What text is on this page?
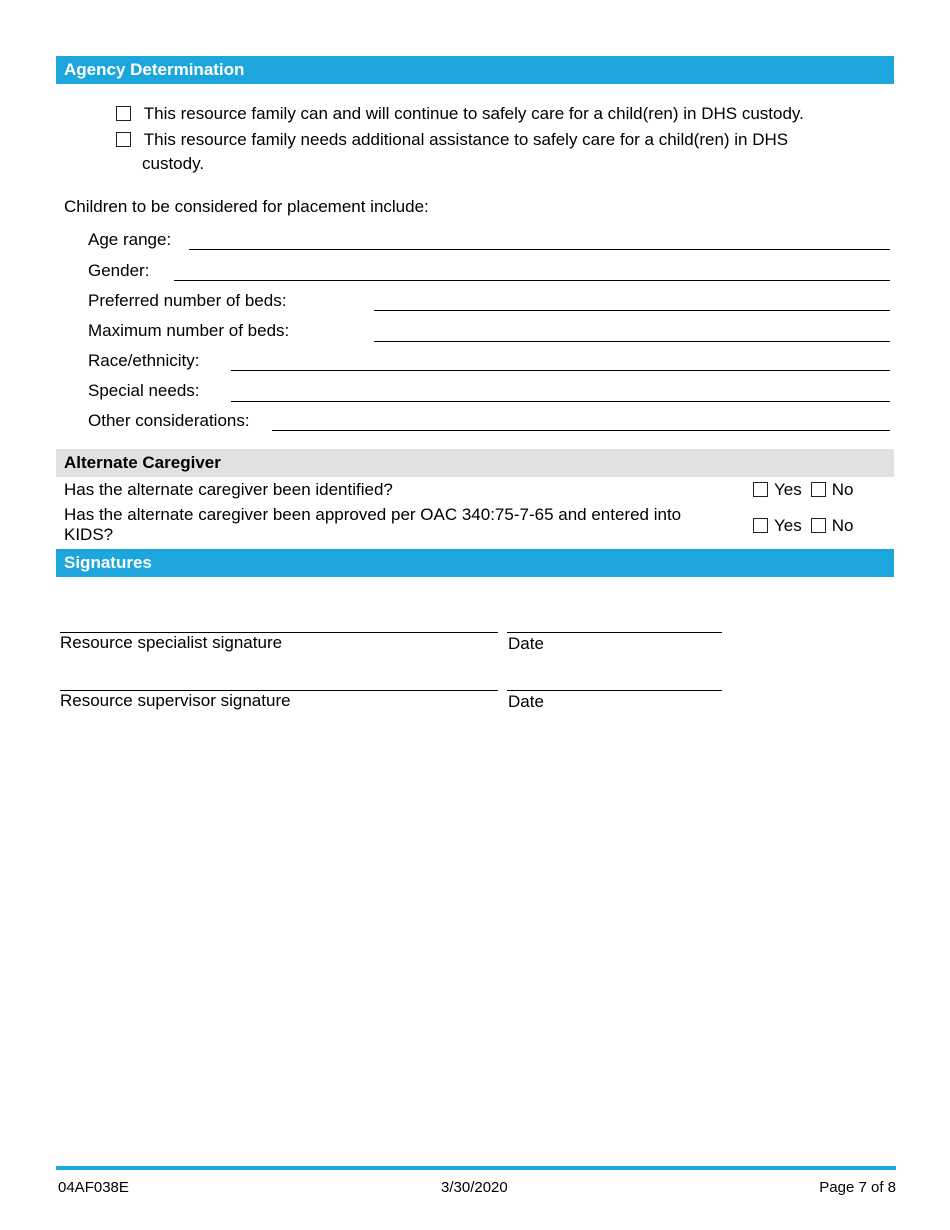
Agency Determination
This resource family can and will continue to safely care for a child(ren) in DHS custody.
This resource family needs additional assistance to safely care for a child(ren) in DHS
custody.
Children to be considered for placement include:
Age range:
Gender:
Preferred number of beds:
Maximum number of beds:
Race/ethnicity:
Special needs:
Other considerations:
Alternate Caregiver
Has the alternate caregiver been identified?	Yes No
Has the alternate caregiver been approved per OAC 340:75-7-65 and entered into
KIDS?	Yes No
Signatures
Resource specialist signature	Date
Resource supervisor signature	Date
04AF038E	3/30/2020	Page 7 of 8
